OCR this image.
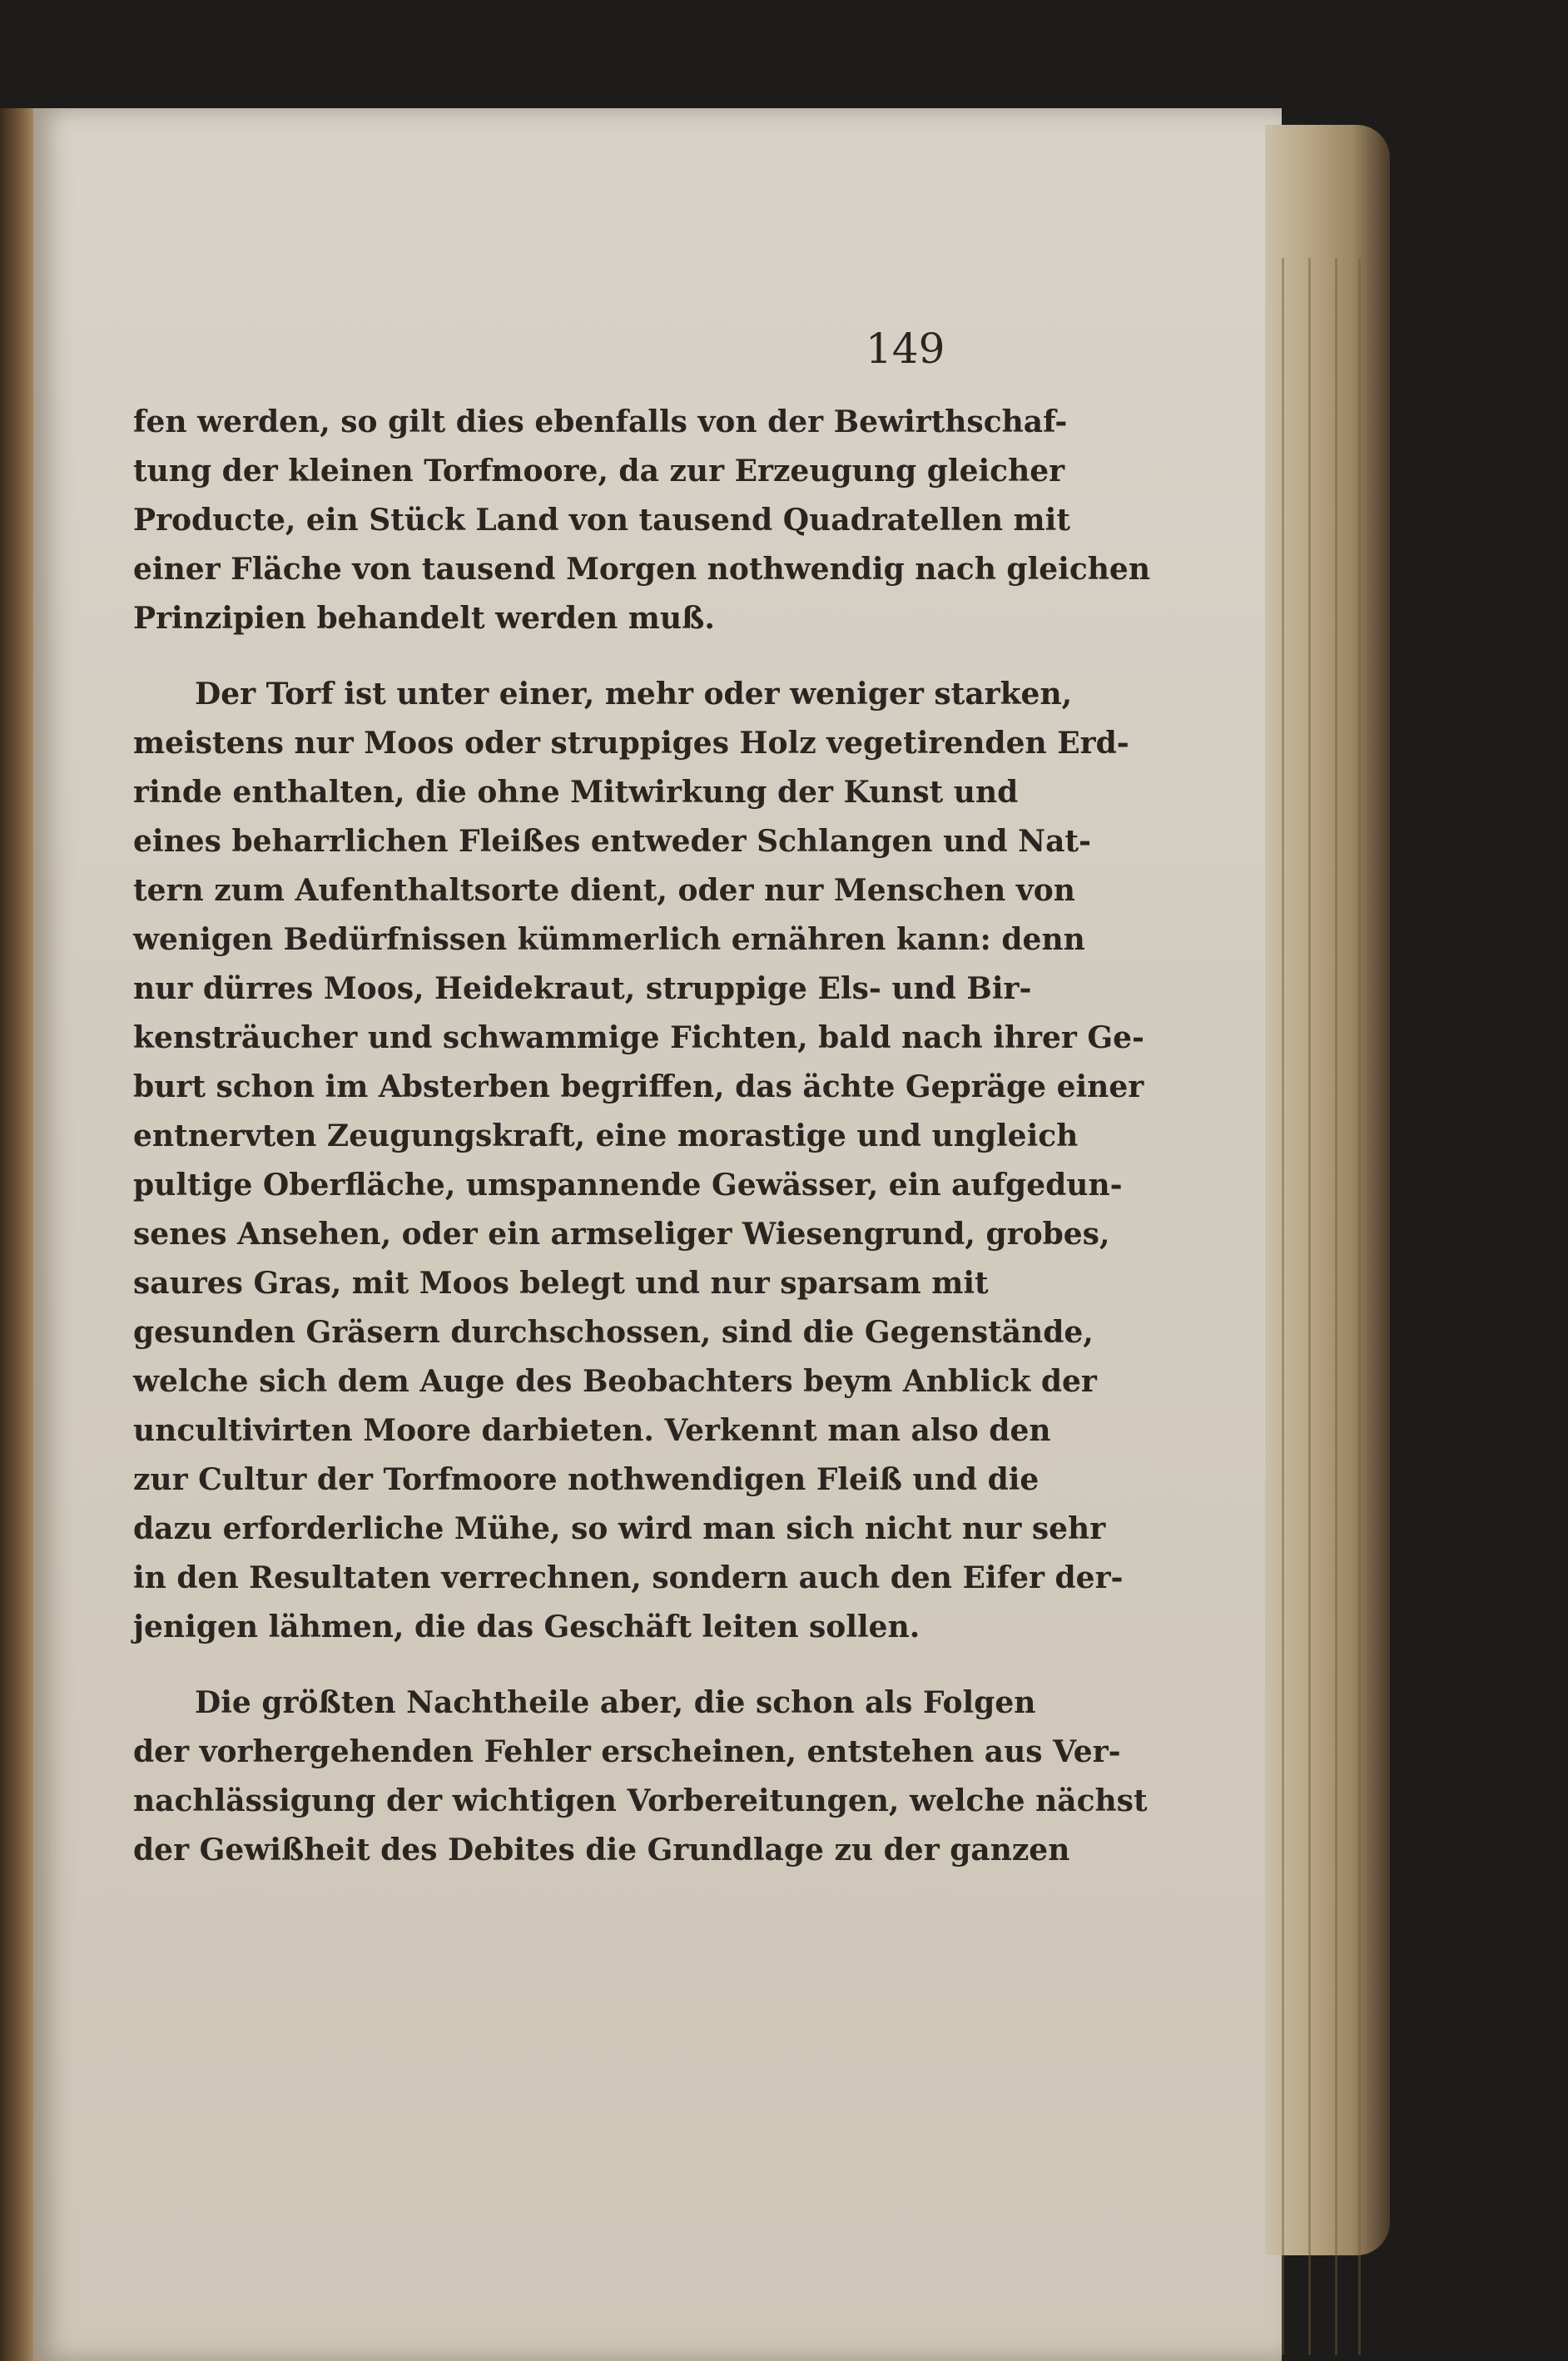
149
fen werden, so gilt dies ebenfalls von der Bewirthschaf-
tung der kleinen Torfmoore, da zur Erzeugung gleicher
Producte, ein Stück Land von tausend Quadratellen mit
einer Fläche von tausend Morgen nothwendig nach gleichen
Prinzipien behandelt werden muß.
Der Torf ist unter einer, mehr oder weniger starken,
meistens nur Moos oder struppiges Holz vegetirenden Erd-
rinde enthalten, die ohne Mitwirkung der Kunst und
eines beharrlichen Fleißes entweder Schlangen und Nat-
tern zum Aufenthaltsorte dient, oder nur Menschen von
wenigen Bedürfnissen kümmerlich ernähren kann: denn
nur dürres Moos, Heidekraut, struppige Els- und Bir-
kensträucher und schwammige Fichten, bald nach ihrer Ge-
burt schon im Absterben begriffen, das ächte Gepräge einer
entnervten Zeugungskraft, eine morastige und ungleich
pultige Oberfläche, umspannende Gewässer, ein aufgedun-
senes Ansehen, oder ein armseliger Wiesengrund, grobes,
saures Gras, mit Moos belegt und nur sparsam mit
gesunden Gräsern durchschossen, sind die Gegenstände,
welche sich dem Auge des Beobachters beym Anblick der
uncultivirten Moore darbieten. Verkennt man also den
zur Cultur der Torfmoore nothwendigen Fleiß und die
dazu erforderliche Mühe, so wird man sich nicht nur sehr
in den Resultaten verrechnen, sondern auch den Eifer der-
jenigen lähmen, die das Geschäft leiten sollen.
Die größten Nachtheile aber, die schon als Folgen
der vorhergehenden Fehler erscheinen, entstehen aus Ver-
nachlässigung der wichtigen Vorbereitungen, welche nächst
der Gewißheit des Debites die Grundlage zu der ganzen
